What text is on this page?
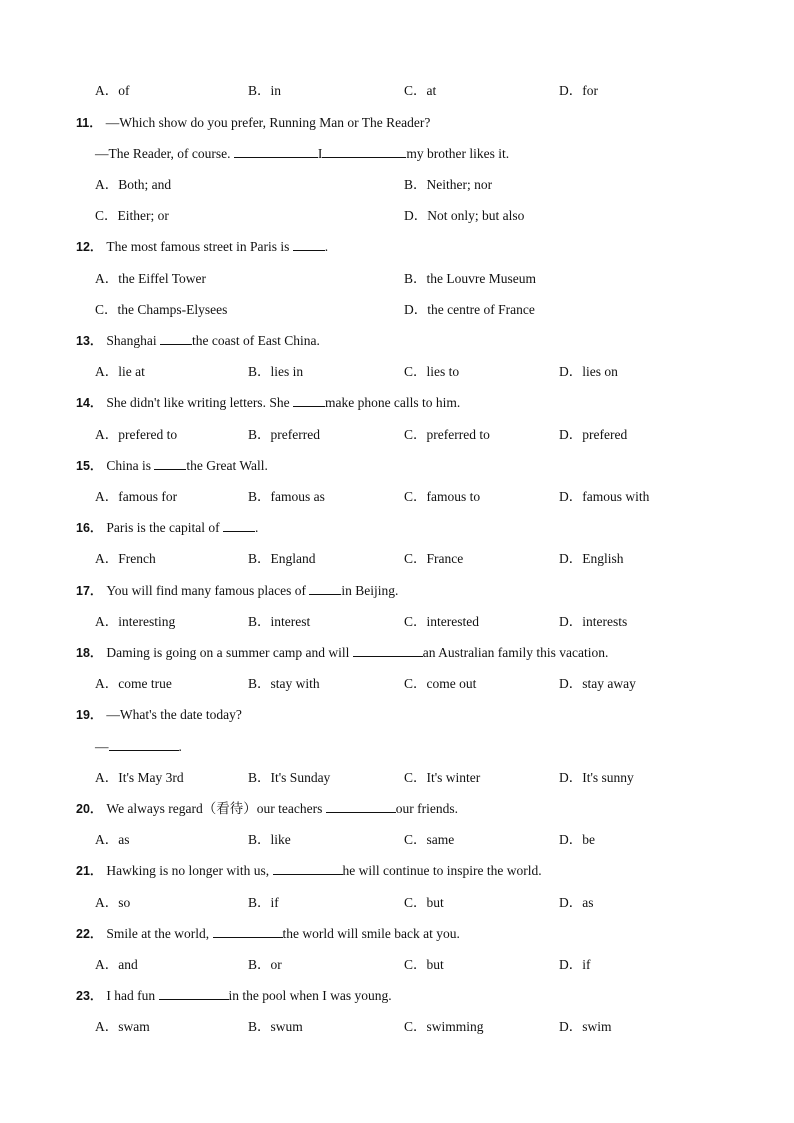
A．of	B．in	C．at	D．for
11． —Which show do you prefer, Running Man or The Reader?
—The Reader, of course.	I	my brother likes it.
A．Both; and	B．Neither; nor
C．Either; or	D．Not only; but also
12． The most famous street in Paris is .
A．the Eiffel Tower	B．the Louvre Museum
C．the Champs-Elysees	D．the centre of France
13． Shanghai the coast of East China.
A．lie at	B．lies in	C．lies to	D．lies on
14． She didn't like writing letters. She make phone calls to him.
A．prefered to	B．preferred	C．preferred to	D．prefered
15． China is the Great Wall.
A．famous for	B．famous as	C．famous to	D．famous with
16． Paris is the capital of .
A．French	B．England	C．France	D．English
17． You will find many famous places of in Beijing.
A．interesting	B．interest	C．interested	D．interests
18． Daming is going on a summer camp and will	an Australian family this vacation.
A．come true	B．stay with	C．come out	D．stay away
19． —What's the date today?
—	.
A．It's May 3rd	B．It's Sunday	C．It's winter	D．It's sunny
20． We always regard（看待）our teachers	our friends.
A．as	B．like	C．same	D．be
21． Hawking is no longer with us,	he will continue to inspire the world.
A．so	B．if	C．but	D．as
22． Smile at the world,	the world will smile back at you.
A．and	B．or	C．but	D．if
23． I had fun	in the pool when I was young.
A．swam	B．swum	C．swimming	D．swim
